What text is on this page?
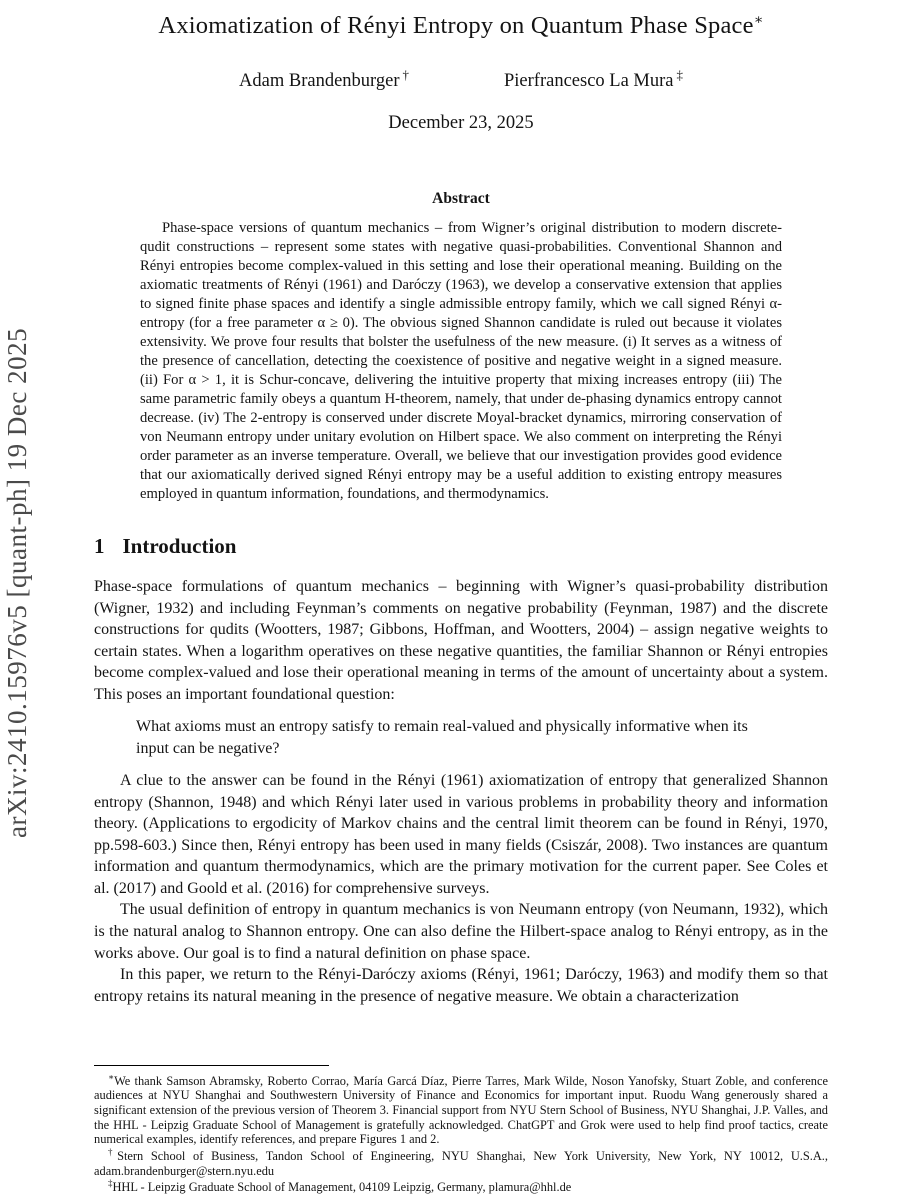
arXiv:2410.15976v5 [quant-ph] 19 Dec 2025
Axiomatization of Rényi Entropy on Quantum Phase Space∗
Adam Brandenburger †	Pierfrancesco La Mura ‡
December 23, 2025
Abstract

Phase-space versions of quantum mechanics – from Wigner’s original distribution to modern discrete-qudit constructions – represent some states with negative quasi-probabilities. Conventional Shannon and Rényi entropies become complex-valued in this setting and lose their operational meaning. Building on the axiomatic treatments of Rényi (1961) and Daróczy (1963), we develop a conservative extension that applies to signed finite phase spaces and identify a single admissible entropy family, which we call signed Rényi α-entropy (for a free parameter α ≥ 0). The obvious signed Shannon candidate is ruled out because it violates extensivity. We prove four results that bolster the usefulness of the new measure. (i) It serves as a witness of the presence of cancellation, detecting the coexistence of positive and negative weight in a signed measure. (ii) For α > 1, it is Schur-concave, delivering the intuitive property that mixing increases entropy (iii) The same parametric family obeys a quantum H-theorem, namely, that under de-phasing dynamics entropy cannot decrease. (iv) The 2-entropy is conserved under discrete Moyal-bracket dynamics, mirroring conservation of von Neumann entropy under unitary evolution on Hilbert space. We also comment on interpreting the Rényi order parameter as an inverse temperature. Overall, we believe that our investigation provides good evidence that our axiomatically derived signed Rényi entropy may be a useful addition to existing entropy measures employed in quantum information, foundations, and thermodynamics.

1 Introduction

Phase-space formulations of quantum mechanics – beginning with Wigner’s quasi-probability distribution (Wigner, 1932) and including Feynman’s comments on negative probability (Feynman, 1987) and the discrete constructions for qudits (Wootters, 1987; Gibbons, Hoffman, and Wootters, 2004) – assign negative weights to certain states. When a logarithm operatives on these negative quantities, the familiar Shannon or Rényi entropies become complex-valued and lose their operational meaning in terms of the amount of uncertainty about a system. This poses an important foundational question:

What axioms must an entropy satisfy to remain real-valued and physically informative when its input can be negative?

A clue to the answer can be found in the Rényi (1961) axiomatization of entropy that generalized Shannon entropy (Shannon, 1948) and which Rényi later used in various problems in probability theory and information theory. (Applications to ergodicity of Markov chains and the central limit theorem can be found in Rényi, 1970, pp.598-603.) Since then, Rényi entropy has been used in many fields (Csiszár, 2008). Two instances are quantum information and quantum thermodynamics, which are the primary motivation for the current paper. See Coles et al. (2017) and Goold et al. (2016) for comprehensive surveys.

The usual definition of entropy in quantum mechanics is von Neumann entropy (von Neumann, 1932), which is the natural analog to Shannon entropy. One can also define the Hilbert-space analog to Rényi entropy, as in the works above. Our goal is to find a natural definition on phase space.

In this paper, we return to the Rényi-Daróczy axioms (Rényi, 1961; Daróczy, 1963) and modify them so that entropy retains its natural meaning in the presence of negative measure. We obtain a characterization

∗We thank Samson Abramsky, Roberto Corrao, María Garcá Díaz, Pierre Tarres, Mark Wilde, Noson Yanofsky, Stuart Zoble, and conference audiences at NYU Shanghai and Southwestern University of Finance and Economics for important input. Ruodu Wang generously shared a significant extension of the previous version of Theorem 3. Financial support from NYU Stern School of Business, NYU Shanghai, J.P. Valles, and the HHL - Leipzig Graduate School of Management is gratefully acknowledged. ChatGPT and Grok were used to help find proof tactics, create numerical examples, identify references, and prepare Figures 1 and 2.

†Stern School of Business, Tandon School of Engineering, NYU Shanghai, New York University, New York, NY 10012, U.S.A., adam.brandenburger@stern.nyu.edu

‡HHL - Leipzig Graduate School of Management, 04109 Leipzig, Germany, plamura@hhl.de
